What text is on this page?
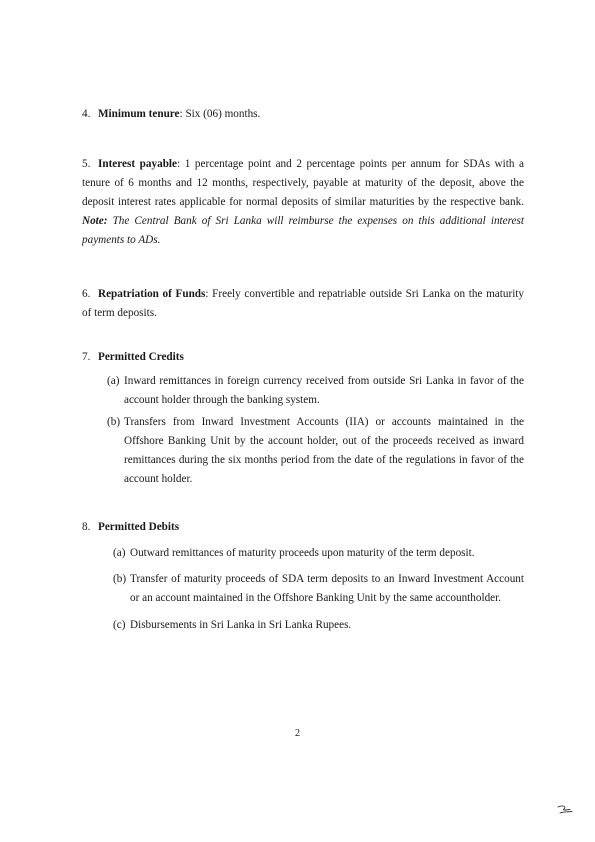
4. Minimum tenure: Six (06) months.
5. Interest payable: 1 percentage point and 2 percentage points per annum for SDAs with a tenure of 6 months and 12 months, respectively, payable at maturity of the deposit, above the deposit interest rates applicable for normal deposits of similar maturities by the respective bank. Note: The Central Bank of Sri Lanka will reimburse the expenses on this additional interest payments to ADs.
6. Repatriation of Funds: Freely convertible and repatriable outside Sri Lanka on the maturity of term deposits.
7. Permitted Credits
(a) Inward remittances in foreign currency received from outside Sri Lanka in favor of the account holder through the banking system.
(b) Transfers from Inward Investment Accounts (IIA) or accounts maintained in the Offshore Banking Unit by the account holder, out of the proceeds received as inward remittances during the six months period from the date of the regulations in favor of the account holder.
8. Permitted Debits
(a) Outward remittances of maturity proceeds upon maturity of the term deposit.
(b) Transfer of maturity proceeds of SDA term deposits to an Inward Investment Account or an account maintained in the Offshore Banking Unit by the same accountholder.
(c) Disbursements in Sri Lanka in Sri Lanka Rupees.
2
